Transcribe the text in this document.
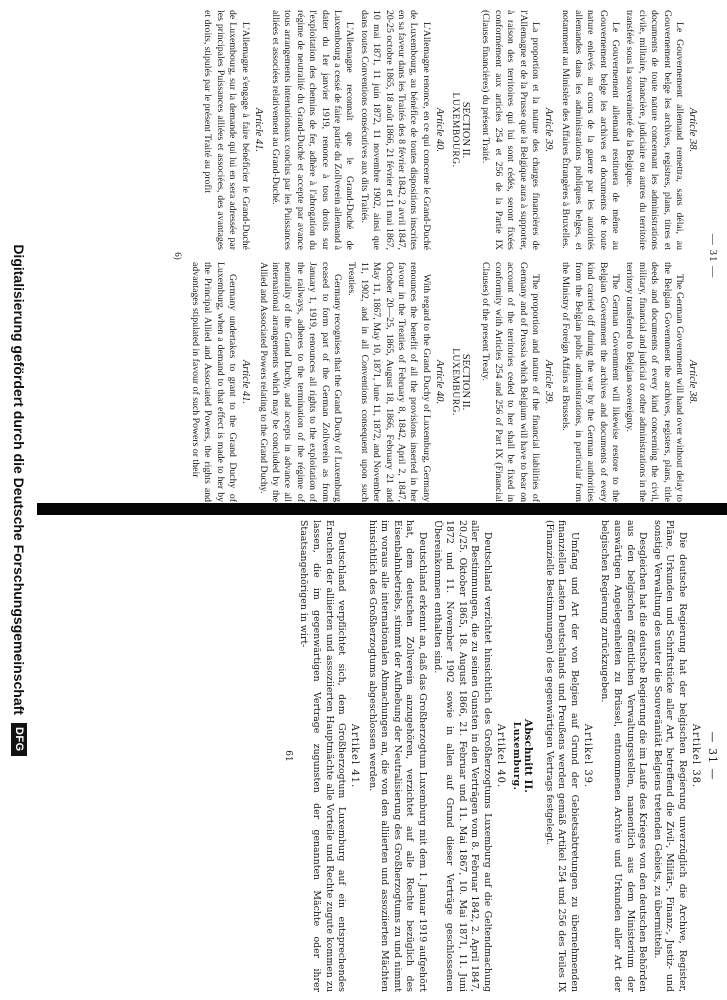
— 31 —
Article 38.
Le Gouvernement allemand remettra, sans délai, au Gouvernement belge les archives, registres, plans, titres et documents de toute nature concernant les administrations civile, militaire, financière, judiciaire ou autres du territoire transféré sous la souveraineté de la Belgique.
Le Gouvernement allemand restituera de même au Gouvernement belge les archives et documents de toute nature enlevés au cours de la guerre par les autorités allemandes dans les administrations publiques belges, et notamment au Ministère des Affaires Étrangères à Bruxelles.
Article 39.
La proportion et la nature des charges financières de l'Allemagne et de la Prusse que la Belgique aura à supporter, à raison des territoires qui lui sont cédés, seront fixées conformément aux articles 254 et 256 de la Partie IX (Clauses financières) du présent Traité.
SECTION II.
LUXEMBOURG.
Article 40.
L'Allemagne renonce, en ce qui concerne le Grand-Duché de Luxembourg, au bénéfice de toutes dispositions inscrites en sa faveur dans les Traités des 8 février 1842, 2 avril 1847, 20-25 octobre 1865, 18 août 1866, 21 février et 11 mai 1867, 10 mai 1871, 11 juin 1872, 11 novembre 1902, ainsi que dans toutes Conventions consécutives aux dits Traités.
L'Allemagne reconnaît que le Grand-Duché de Luxembourg a cessé de faire partie du Zollverein allemand à dater du 1er janvier 1919, renonce à tous droits sur l'exploitation des chemins de fer, adhère à l'abrogation du régime de neutralité du Grand-Duché et accepte par avance tous arrangements internationaux conclus par les Puissances alliées et associées relativement au Grand-Duché.
Article 41.
L'Allemagne s'engage à faire bénéficier le Grand-Duché de Luxembourg, sur la demande qui lui en sera adressée par les principales Puissances alliées et associées, des avantages et droits, stipulés par le présent Traité au profit
Article 38.
The German Government will hand over without delay to the Belgian Government the archives, registers, plans, title deeds and documents of every kind concerning the civil, military, financial and judicial or other administrations in the territory transferred to Belgian sovereignty.
The German Government will likewise restore to the Belgian Government the archives and documents of every kind carried off during the war by the German authorities from the Belgian public administrations, in particular from the Ministry of Foreign Affairs at Brussels.
Article 39.
The proportion and nature of the financial liabilities of Germany and of Prussia which Belgium will have to bear on account of the territories ceded to her shall be fixed in conformity with Articles 254 and 256 of Part IX (Financial Clauses) of the present Treaty.
SECTION II.
LUXEMBURG.
Article 40.
With regard to the Grand Duchy of Luxemburg, Germany renounces the benefit of all the provisions inserted in her favour in the Treaties of February 8, 1842, April 2, 1847, October 20—25, 1865, August 18, 1866, February 21 and May 11, 1867, May 10, 1871, June 11, 1872, and November 11, 1902, and in all Conventions consequent upon such Treaties.
Germany recognises that the Grand Duchy of Luxemburg ceased to form part of the German Zollverein as from January 1, 1919, renounces all rights to the exploitation of the railways, adheres to the termination of the régime of neutrality of the Grand Duchy, and accepts in advance all international arrangements which may be concluded by the Allied and Associated Powers relating to the Grand Duchy.
Article 41.
Germany undertakes to grant to the Grand Duchy of Luxemburg, when a demand to that effect is made to her by the Principal Allied and Associated Powers, the rights and advantages stipulated in favour of such Powers or their
6)
— 31 —
Artikel 38.
Die deutsche Regierung hat der belgischen Regierung unverzüglich die Archive, Register, Pläne, Urkunden und Schriftstücke aller Art, betreffend die Zivil-, Militär-, Finanz-, Justiz- und sonstige Verwaltung des unter die Souveränität Belgiens tretenden Gebiets, zu übermitteln.
Desgleichen hat die deutsche Regierung die im Laufe des Krieges von den deutschen Behörden aus den belgischen öffentlichen Verwaltungsstellen, namentlich aus dem Ministerium der auswärtigen Angelegenheiten zu Brüssel, entnommenen Archive und Urkunden aller Art der belgischen Regierung zurückzugeben.
Artikel 39.
Umfang und Art der von Belgien auf Grund der Gebietsabtretungen zu übernehmenden finanziellen Lasten Deutschlands und Preußens werden gemäß Artikel 254 und 256 des Teiles IX (Finanzielle Bestimmungen) des gegenwärtigen Vertrags festgelegt.
Abschnitt II.
Luxemburg.
Artikel 40.
Deutschland verzichtet hinsichtlich des Großherzogtums Luxemburg auf die Geltendmachung aller Bestimmungen, die zu seinen Gunsten in den Verträgen vom 8. Februar 1842, 2. April 1847, 20./25. Oktober 1865, 18. August 1866, 21. Februar und 11. Mai 1867, 10. Mai 1871, 11. Juni 1872 und 11. November 1902 sowie in allen auf Grund dieser Verträge geschlossenen Übereinkommen enthalten sind.
Deutschland erkennt an, daß das Großherzogtum Luxemburg mit dem 1. Januar 1919 aufgehört hat, dem deutschen Zollverein anzugehören, verzichtet auf alle Rechte bezüglich des Eisenbahnbetriebs, stimmt der Aufhebung der Neutralisierung des Großherzogtums zu und nimmt im voraus alle internationalen Abmachungen an, die von den alliierten und assoziierten Mächten hinsichtlich des Großherzogtums abgeschlossen werden.
Artikel 41.
Deutschland verpflichtet sich, dem Großherzogtum Luxemburg auf ein entsprechendes Ersuchen der alliierten und assoziierten Hauptmächte alle Vorteile und Rechte zugute kommen zu lassen, die im gegenwärtigen Vertrage zugunsten der genannten Mächte oder ihrer Staatsangehörigen in wirt-
61
Digitalisierung gefördert durch die Deutsche Forschungsgemeinschaft
DFG
